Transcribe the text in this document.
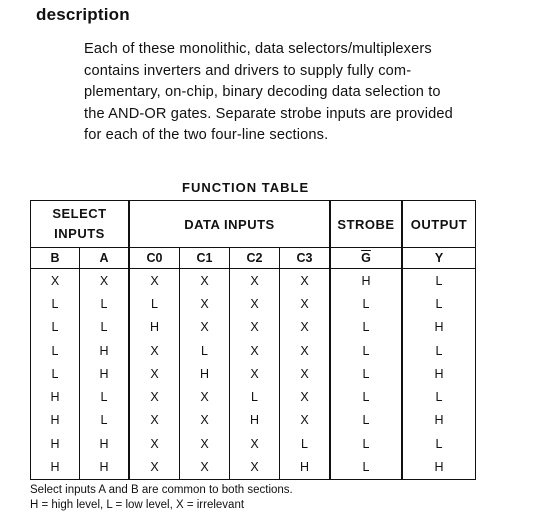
description
Each of these monolithic, data selectors/multiplexers
contains inverters and drivers to supply fully com-
plementary, on-chip, binary decoding data selection to
the AND-OR gates. Separate strobe inputs are provided
for each of the two four-line sections.
FUNCTION TABLE
SELECT INPUTS		DATA INPUTS				STROBE	OUTPUT
B	A	C0	C1	C2	C3	$\overline{G}$	Y
X	X	X	X	X	X	H	L
L	L	L	X	X	X	L	L
L	L	H	X	X	X	L	H
L	H	X	L	X	X	L	L
L	H	X	H	X	X	L	H
H	L	X	X	L	X	L	L
H	L	X	X	H	X	L	H
H	H	X	X	X	L	L	L
H	H	X	X	X	H	L	H
Select inputs A and B are common to both sections.
H = high level, L = low level, X = irrelevant
